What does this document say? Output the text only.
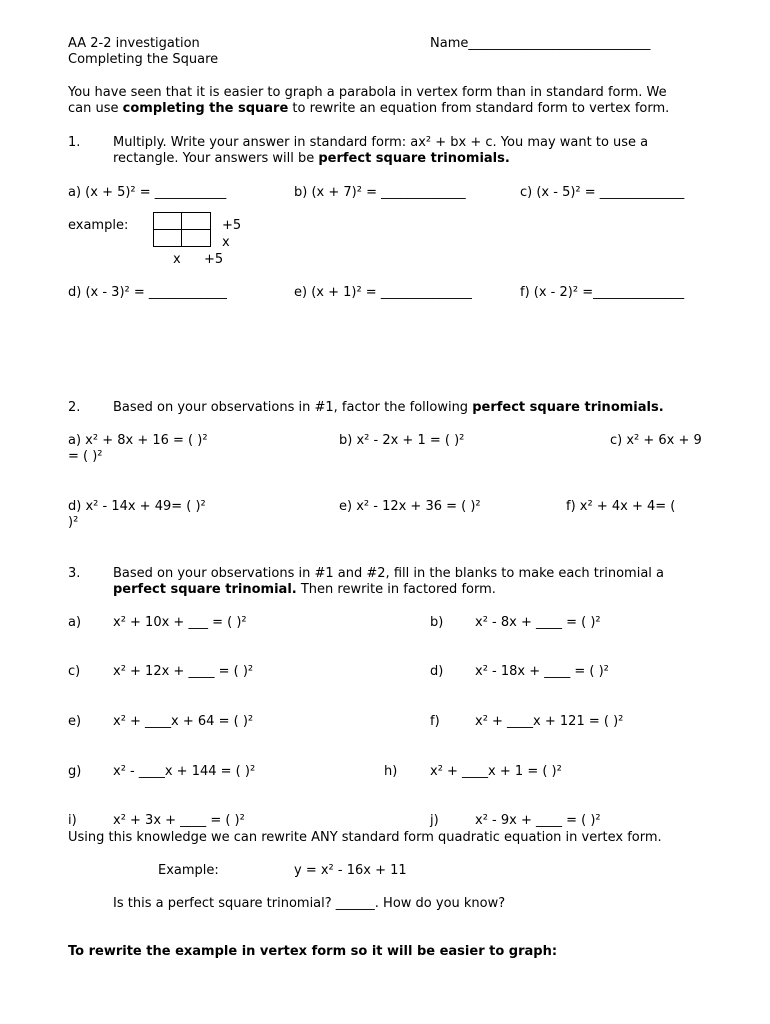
AA 2-2 investigation
Completing the Square
Name____________________________
You have seen that it is easier to graph a parabola in vertex form than in standard form. We
can use completing the square to rewrite an equation from standard form to vertex form.
1.	Multiply. Write your answer in standard form: ax² + bx + c. You may want to use a
rectangle. Your answers will be perfect square trinomials.
a) (x + 5)² = ___________	b) (x + 7)² = _____________	c) (x - 5)² = _____________
example:	+5
x
x +5
d) (x - 3)² = ____________	e) (x + 1)² = ______________	f) (x - 2)² =______________
2.	Based on your observations in #1, factor the following perfect square trinomials.
a) x² + 8x + 16 = ( )²	b) x² - 2x + 1 = ( )²	c) x² + 6x + 9
= ( )²
d) x² - 14x + 49= ( )²	e) x² - 12x + 36 = ( )²	f) x² + 4x + 4= (
)²
3.	Based on your observations in #1 and #2, fill in the blanks to make each trinomial a
perfect square trinomial. Then rewrite in factored form.
a) x² + 10x + ___ = ( )²	b) x² - 8x + ____ = ( )²
c)	x² + 12x + ____ = ( )²	d) x² - 18x + ____ = ( )²
e) x² + ____x + 64 = ( )²	f)	x² + ____x + 121 = ( )²
g) x² - ____x + 144 = ( )²	h)	x² + ____x + 1 = ( )²
i)	x² + 3x + ____ = ( )²	j)	x² - 9x + ____ = ( )²
Using this knowledge we can rewrite ANY standard form quadratic equation in vertex form.
Example:	y = x² - 16x + 11
Is this a perfect square trinomial? ______. How do you know?
To rewrite the example in vertex form so it will be easier to graph:
